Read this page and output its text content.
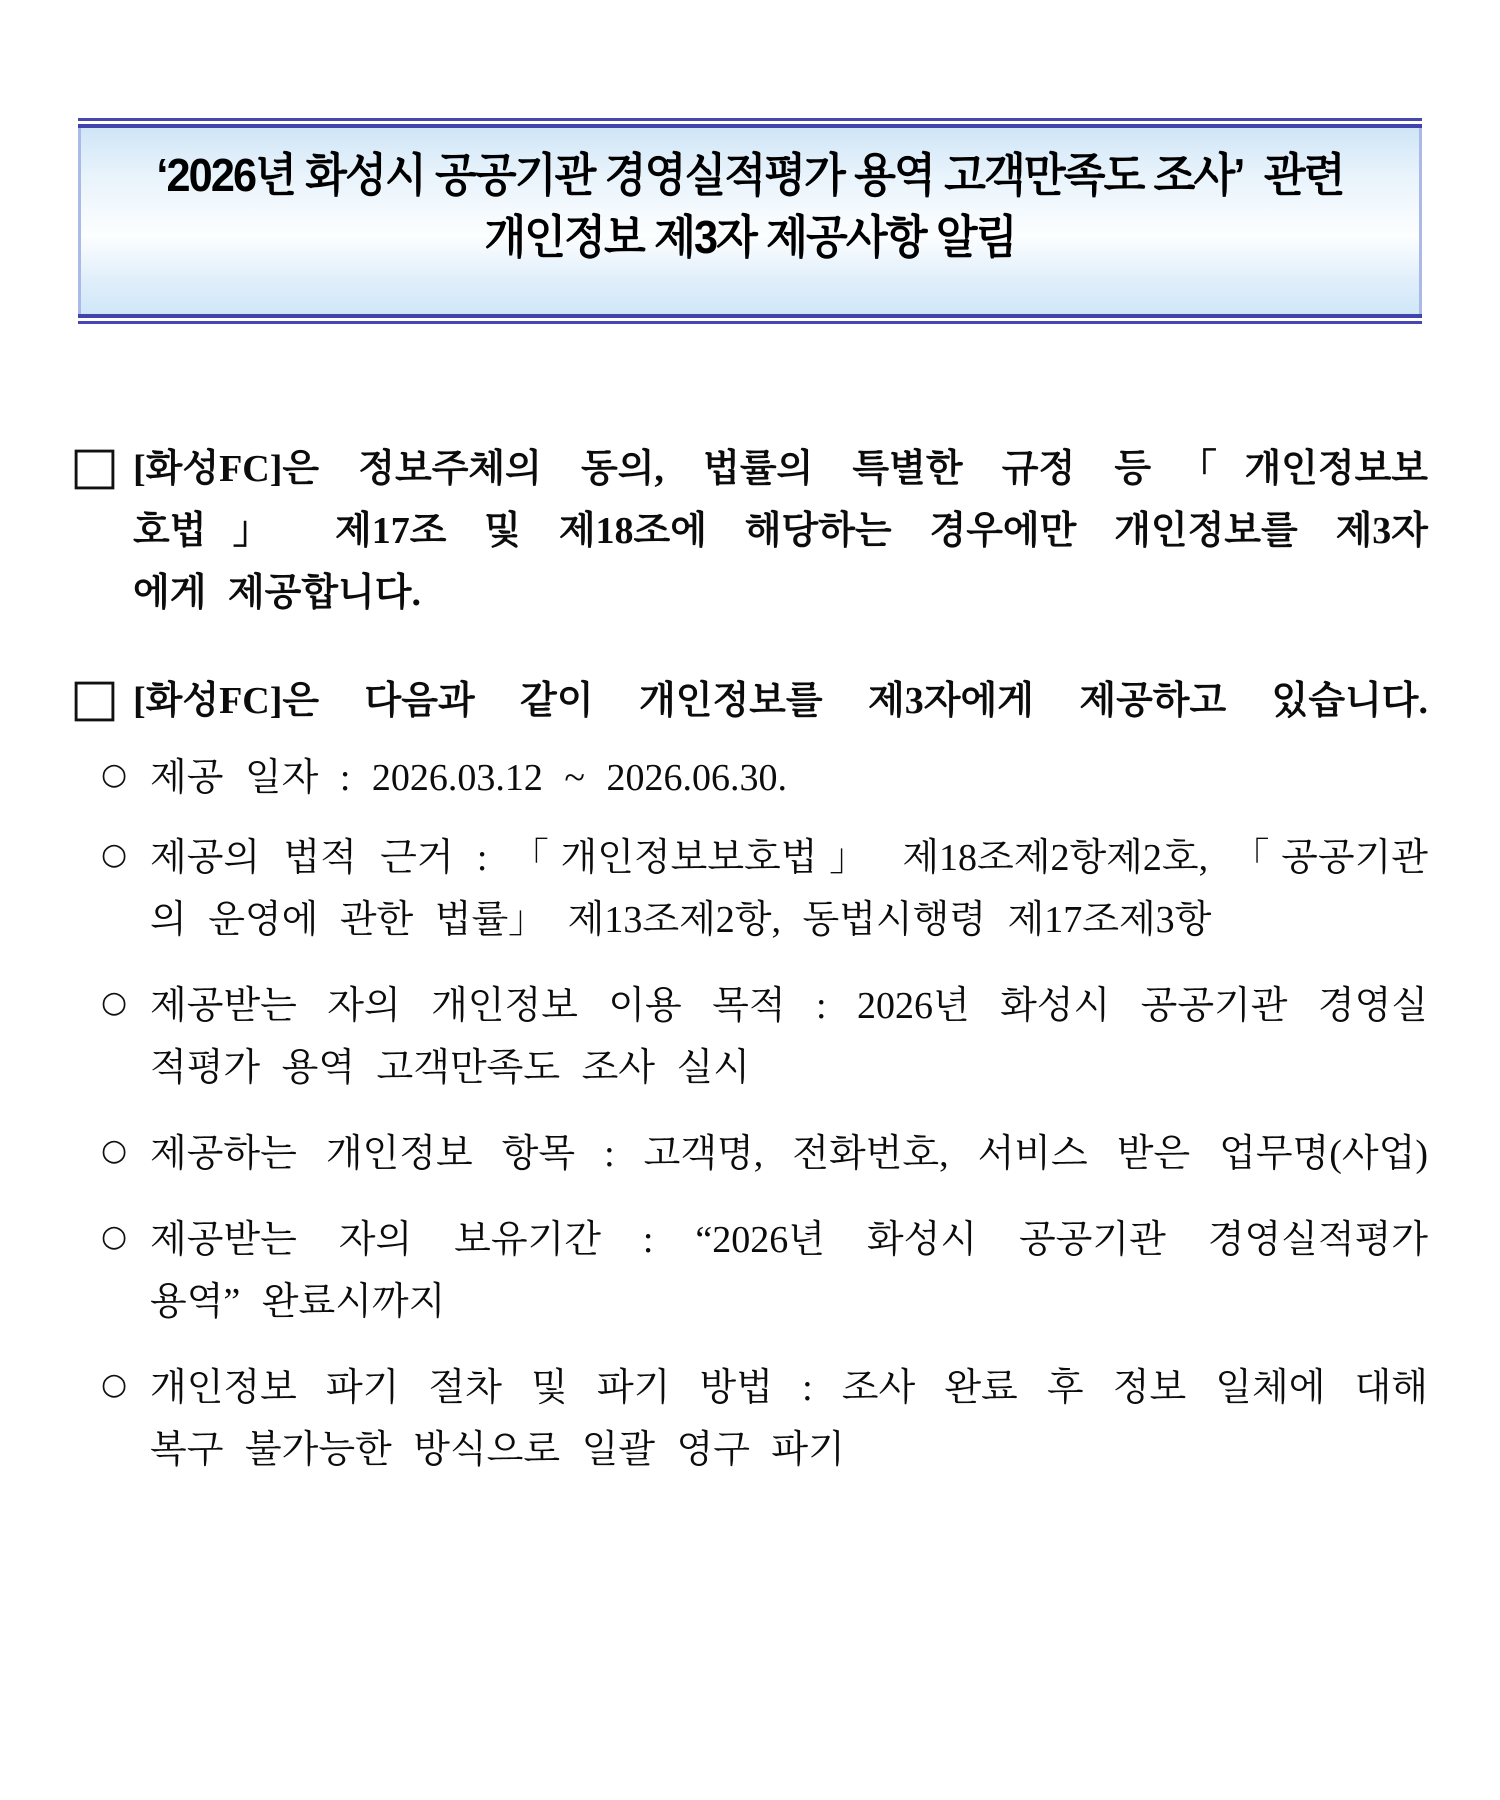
‘2026년 화성시 공공기관 경영실적평가 용역 고객만족도 조사’  관련
개인정보 제3자 제공사항 알림
□ [화성FC]은 정보주체의 동의, 법률의 특별한 규정 등「개인정보보
호법」 제17조 및 제18조에 해당하는 경우에만 개인정보를 제3자
에게 제공합니다.
□ [화성FC]은 다음과 같이 개인정보를 제3자에게 제공하고 있습니다.
○ 제공 일자 : 2026.03.12 ~ 2026.06.30.
○ 제공의 법적 근거 : 「개인정보보호법」 제18조제2항제2호, 「공공기관
의 운영에 관한 법률」 제13조제2항, 동법시행령 제17조제3항
○ 제공받는 자의 개인정보 이용 목적 : 2026년 화성시 공공기관 경영실
적평가 용역 고객만족도 조사 실시
○ 제공하는 개인정보 항목 : 고객명, 전화번호, 서비스 받은 업무명(사업)
○ 제공받는 자의 보유기간 : “2026년 화성시 공공기관 경영실적평가
용역” 완료시까지
○ 개인정보 파기 절차 및 파기 방법 : 조사 완료 후 정보 일체에 대해
복구 불가능한 방식으로 일괄 영구 파기
